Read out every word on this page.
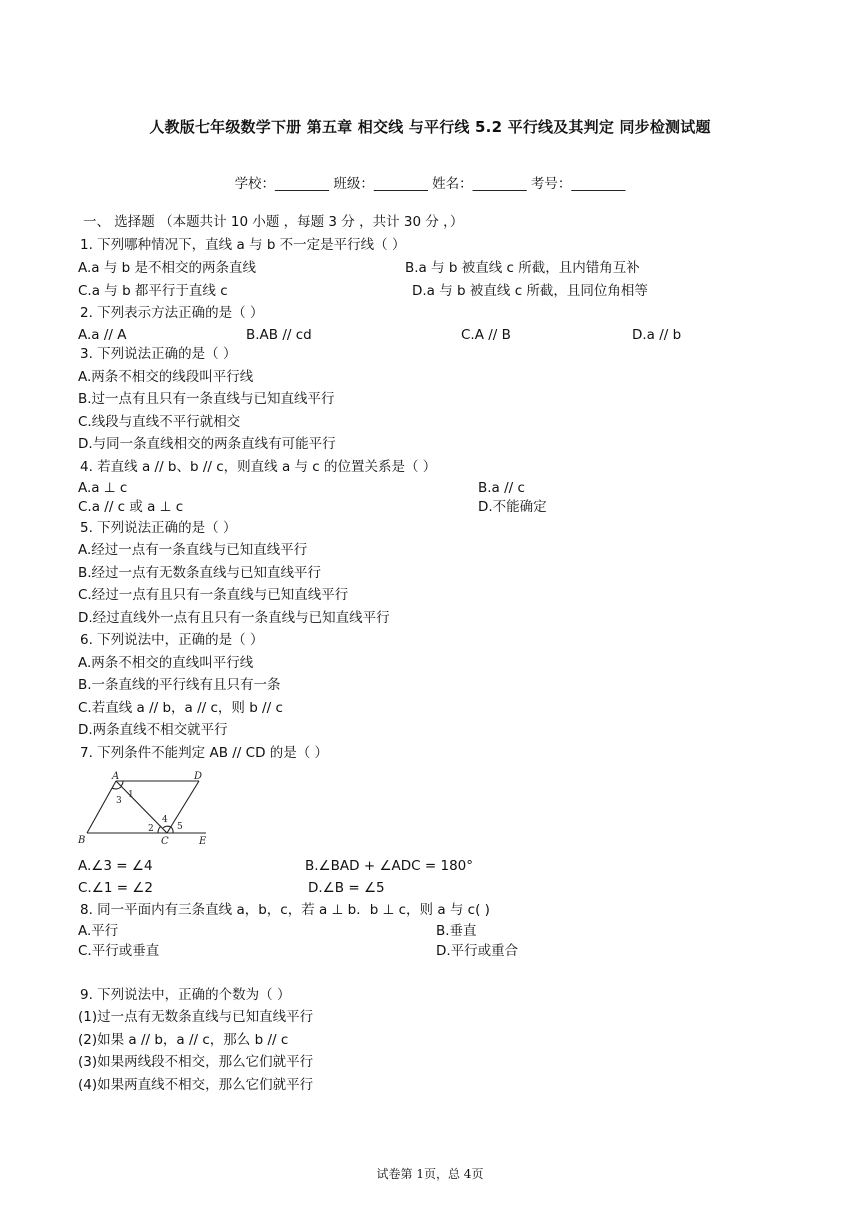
人教版七年级数学下册 第五章 相交线 与平行线 5.2 平行线及其判定 同步检测试题
学校：________ 班级：________ 姓名：________ 考号：________
一、 选择题 （本题共计 10 小题 ，每题 3 分 ，共计 30 分 ，）
1. 下列哪种情况下，直线 a 与 b 不一定是平行线（ ）
A.a 与 b 是不相交的两条直线	B.a 与 b 被直线 c 所截，且内错角互补
C.a 与 b 都平行于直线 c	D.a 与 b 被直线 c 所截，且同位角相等
2. 下列表示方法正确的是（ ）
A.a // A	B.AB // cd	C.A // B	D.a // b
3. 下列说法正确的是（ ）
A.两条不相交的线段叫平行线
B.过一点有且只有一条直线与已知直线平行
C.线段与直线不平行就相交
D.与同一条直线相交的两条直线有可能平行
4. 若直线 a // b、b // c，则直线 a 与 c 的位置关系是（ ）
A.a ⊥ c	B.a // c
C.a // c 或 a ⊥ c	D.不能确定
5. 下列说法正确的是（ ）
A.经过一点有一条直线与已知直线平行
B.经过一点有无数条直线与已知直线平行
C.经过一点有且只有一条直线与已知直线平行
D.经过直线外一点有且只有一条直线与已知直线平行
6. 下列说法中，正确的是（ ）
A.两条不相交的直线叫平行线
B.一条直线的平行线有且只有一条
C.若直线 a // b，a // c，则 b // c
D.两条直线不相交就平行
7. 下列条件不能判定 AB // CD 的是（ ）
A	D
B	C	E
1
3
2
4
5
A.∠3 = ∠4	B.∠BAD + ∠ADC = 180°
C.∠1 = ∠2	D.∠B = ∠5
8. 同一平面内有三条直线 a，b，c，若 a ⊥ b．b ⊥ c，则 a 与 c( )
A.平行	B.垂直
C.平行或垂直	D.平行或重合
9. 下列说法中，正确的个数为（ ）
(1)过一点有无数条直线与已知直线平行
(2)如果 a // b，a // c，那么 b // c
(3)如果两线段不相交，那么它们就平行
(4)如果两直线不相交，那么它们就平行
试卷第 1页，总 4页
